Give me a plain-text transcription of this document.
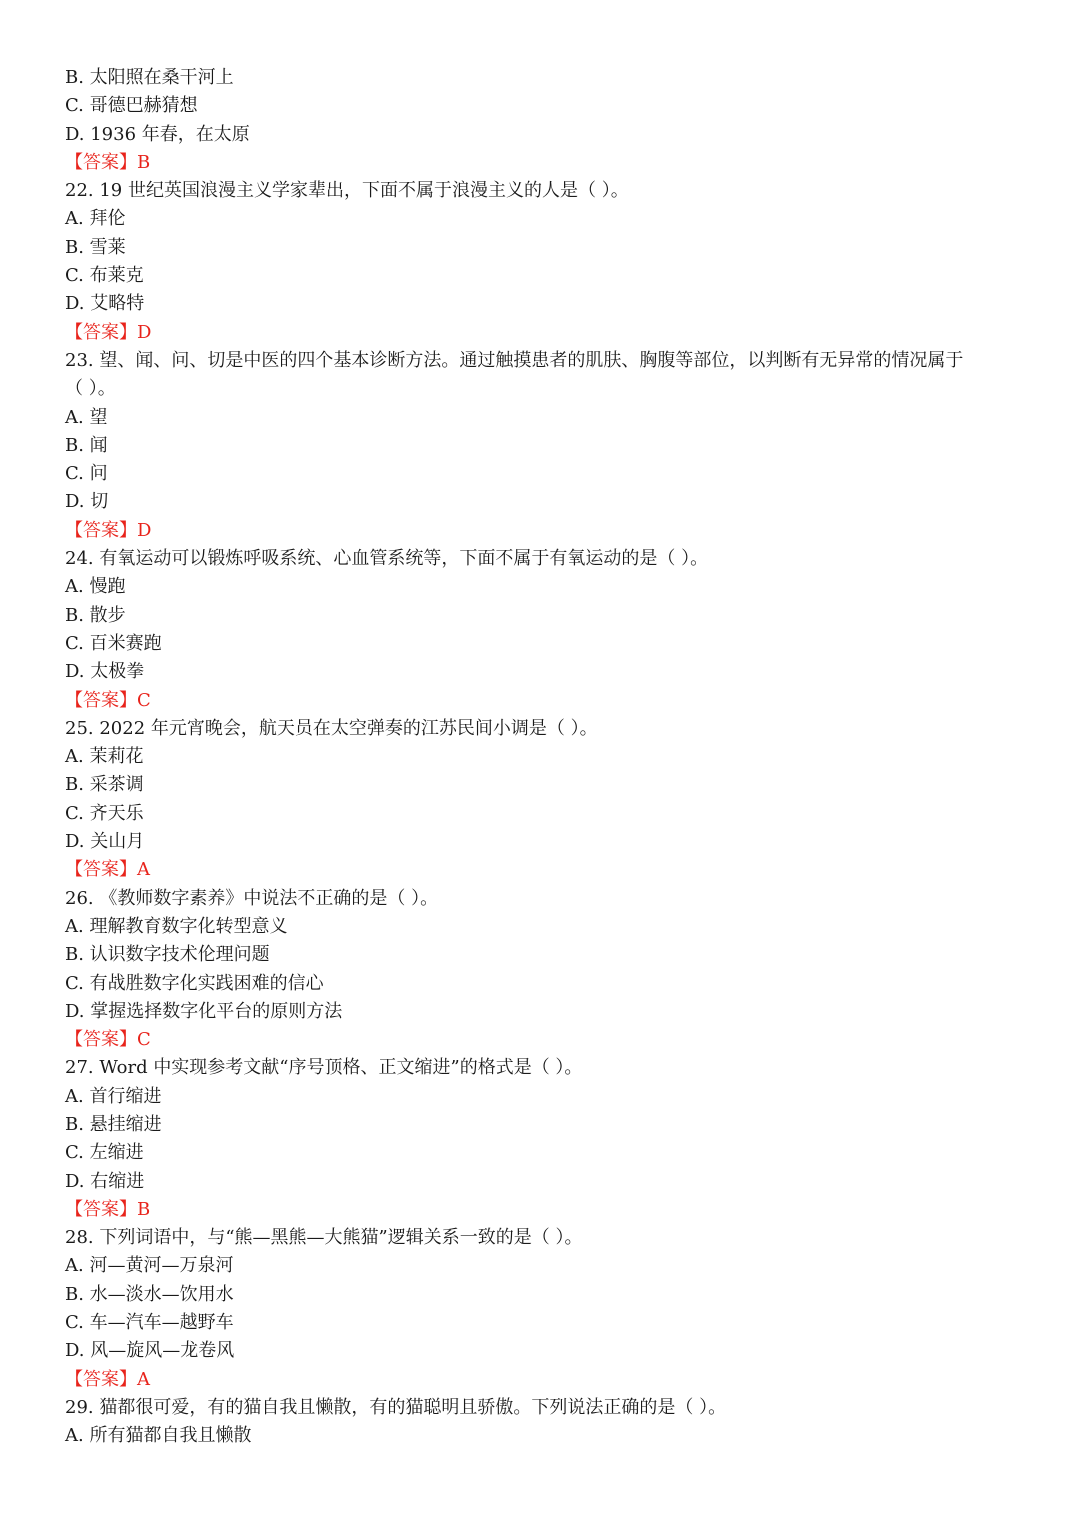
B. 太阳照在桑干河上
C. 哥德巴赫猜想
D. 1936 年春，在太原
【答案】B
22. 19 世纪英国浪漫主义学家辈出，下面不属于浪漫主义的人是（ ）。
A. 拜伦
B. 雪莱
C. 布莱克
D. 艾略特
【答案】D
23. 望、闻、问、切是中医的四个基本诊断方法。通过触摸患者的肌肤、胸腹等部位，以判断有无异常的情况属于
（ ）。
A. 望
B. 闻
C. 问
D. 切
【答案】D
24. 有氧运动可以锻炼呼吸系统、心血管系统等，下面不属于有氧运动的是（ ）。
A. 慢跑
B. 散步
C. 百米赛跑
D. 太极拳
【答案】C
25. 2022 年元宵晚会，航天员在太空弹奏的江苏民间小调是（ ）。
A. 茉莉花
B. 采茶调
C. 齐天乐
D. 关山月
【答案】A
26. 《教师数字素养》中说法不正确的是（ ）。
A. 理解教育数字化转型意义
B. 认识数字技术伦理问题
C. 有战胜数字化实践困难的信心
D. 掌握选择数字化平台的原则方法
【答案】C
27. Word 中实现参考文献“序号顶格、正文缩进”的格式是（ ）。
A. 首行缩进
B. 悬挂缩进
C. 左缩进
D. 右缩进
【答案】B
28. 下列词语中，与“熊—黑熊—大熊猫”逻辑关系一致的是（ ）。
A. 河—黄河—万泉河
B. 水—淡水—饮用水
C. 车—汽车—越野车
D. 风—旋风—龙卷风
【答案】A
29. 猫都很可爱，有的猫自我且懒散，有的猫聪明且骄傲。下列说法正确的是（ ）。
A. 所有猫都自我且懒散
